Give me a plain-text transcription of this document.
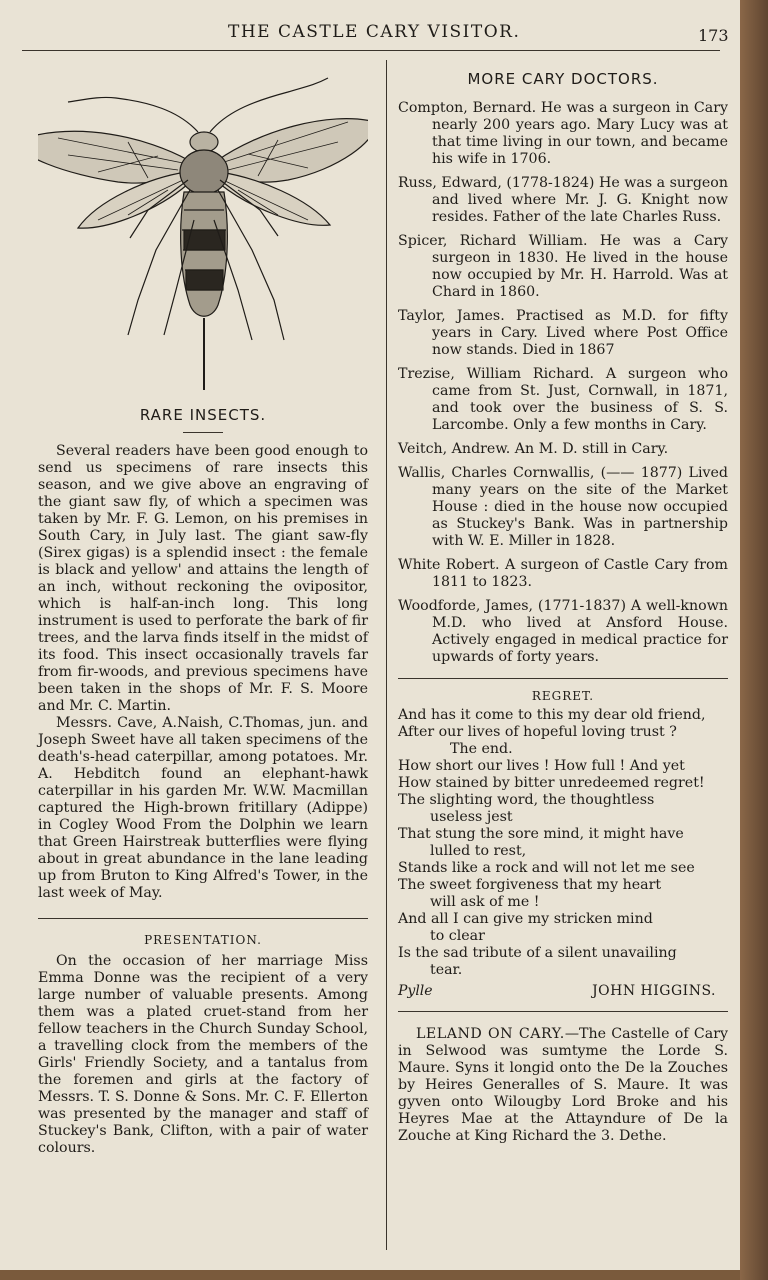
THE CASTLE CARY VISITOR.	173

RARE INSECTS.

Several readers have been good enough to send us specimens of rare insects this season, and we give above an engraving of the giant saw fly, of which a specimen was taken by Mr. F. G. Lemon, on his premises in South Cary, in July last. The giant saw-fly (Sirex gigas) is a splendid insect : the female is black and yellow' and attains the length of an inch, without reckoning the ovipositor, which is half-an-inch long. This long instrument is used to perforate the bark of fir trees, and the larva finds itself in the midst of its food. This insect occasionally travels far from fir-woods, and previous specimens have been taken in the shops of Mr. F. S. Moore and Mr. C. Martin.

Messrs. Cave, A.Naish, C.Thomas, jun. and Joseph Sweet have all taken specimens of the death's-head caterpillar, among potatoes. Mr. A. Hebditch found an elephant-hawk caterpillar in his garden Mr. W.W. Macmillan captured the High-brown fritillary (Adippe) in Cogley Wood From the Dolphin we learn that Green Hairstreak butterflies were flying about in great abundance in the lane leading up from Bruton to King Alfred's Tower, in the last week of May.

PRESENTATION.

On the occasion of her marriage Miss Emma Donne was the recipient of a very large number of valuable presents. Among them was a plated cruet-stand from her fellow teachers in the Church Sunday School, a travelling clock from the members of the Girls' Friendly Society, and a tantalus from the foremen and girls at the factory of Messrs. T. S. Donne & Sons. Mr. C. F. Ellerton was presented by the manager and staff of Stuckey's Bank, Clifton, with a pair of water colours.

MORE CARY DOCTORS.

Compton, Bernard. He was a surgeon in Cary nearly 200 years ago. Mary Lucy was at that time living in our town, and became his wife in 1706.

Russ, Edward, (1778-1824) He was a surgeon and lived where Mr. J. G. Knight now resides. Father of the late Charles Russ.

Spicer, Richard William. He was a Cary surgeon in 1830. He lived in the house now occupied by Mr. H. Harrold. Was at Chard in 1860.

Taylor, James. Practised as M.D. for fifty years in Cary. Lived where Post Office now stands. Died in 1867

Trezise, William Richard. A surgeon who came from St. Just, Cornwall, in 1871, and took over the business of S. S. Larcombe. Only a few months in Cary.

Veitch, Andrew. An M. D. still in Cary.

Wallis, Charles Cornwallis, (—— 1877) Lived many years on the site of the Market House : died in the house now occupied as Stuckey's Bank. Was in partnership with W. E. Miller in 1828.

White Robert. A surgeon of Castle Cary from 1811 to 1823.

Woodforde, James, (1771-1837) A well-known M.D. who lived at Ansford House. Actively engaged in medical practice for upwards of forty years.

REGRET.

And has it come to this my dear old friend,

After our lives of hopeful loving trust ?

The end.

How short our lives ! How full ! And yet

How stained by bitter unredeemed regret!

The slighting word, the thoughtless

useless jest

That stung the sore mind, it might have

lulled to rest,

Stands like a rock and will not let me see

The sweet forgiveness that my heart

will ask of me !

And all I can give my stricken mind

to clear

Is the sad tribute of a silent unavailing

tear.

Pylle	JOHN HIGGINS.

LELAND ON CARY.—The Castelle of Cary in Selwood was sumtyme the Lorde S. Maure. Syns it longid onto the De la Zouches by Heires Generalles of S. Maure. It was gyven onto Wilougby Lord Broke and his Heyres Mae at the Attayndure of De la Zouche at King Richard the 3. Dethe.
